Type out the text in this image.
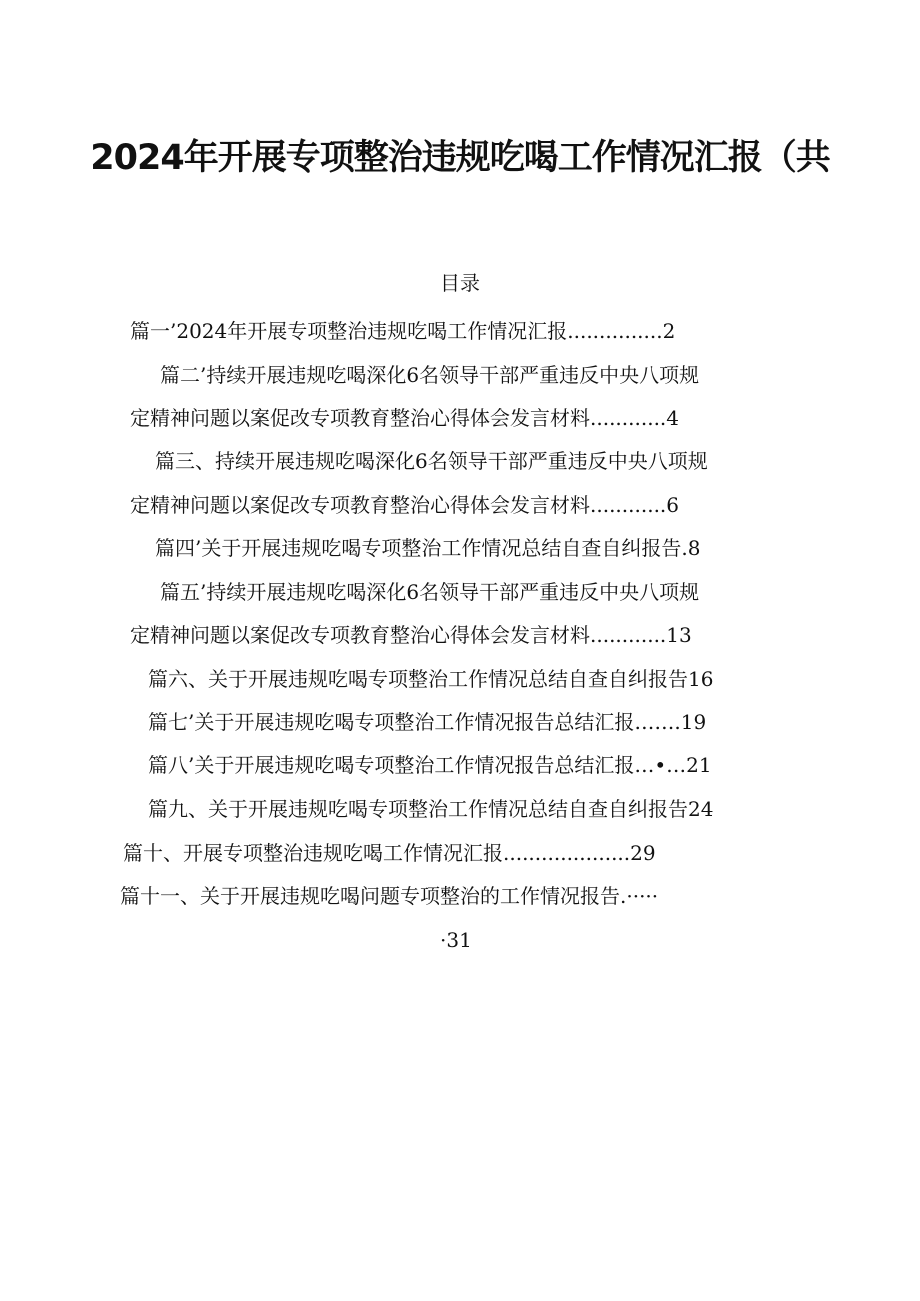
2024年开展专项整治违规吃喝工作情况汇报（共
目录
篇一’2024年开展专项整治违规吃喝工作情况汇报...............2
篇二’持续开展违规吃喝深化6名领导干部严重违反中央八项规
定精神问题以案促改专项教育整治心得体会发言材料............4
篇三、持续开展违规吃喝深化6名领导干部严重违反中央八项规
定精神问题以案促改专项教育整治心得体会发言材料............6
篇四’关于开展违规吃喝专项整治工作情况总结自查自纠报告.8
篇五’持续开展违规吃喝深化6名领导干部严重违反中央八项规
定精神问题以案促改专项教育整治心得体会发言材料............13
篇六、关于开展违规吃喝专项整治工作情况总结自查自纠报告16
篇七’关于开展违规吃喝专项整治工作情况报告总结汇报…….19
篇八’关于开展违规吃喝专项整治工作情况报告总结汇报…•…21
篇九、关于开展违规吃喝专项整治工作情况总结自查自纠报告24
篇十、开展专项整治违规吃喝工作情况汇报....................29
篇十一、关于开展违规吃喝问题专项整治的工作情况报告.·····
·31
